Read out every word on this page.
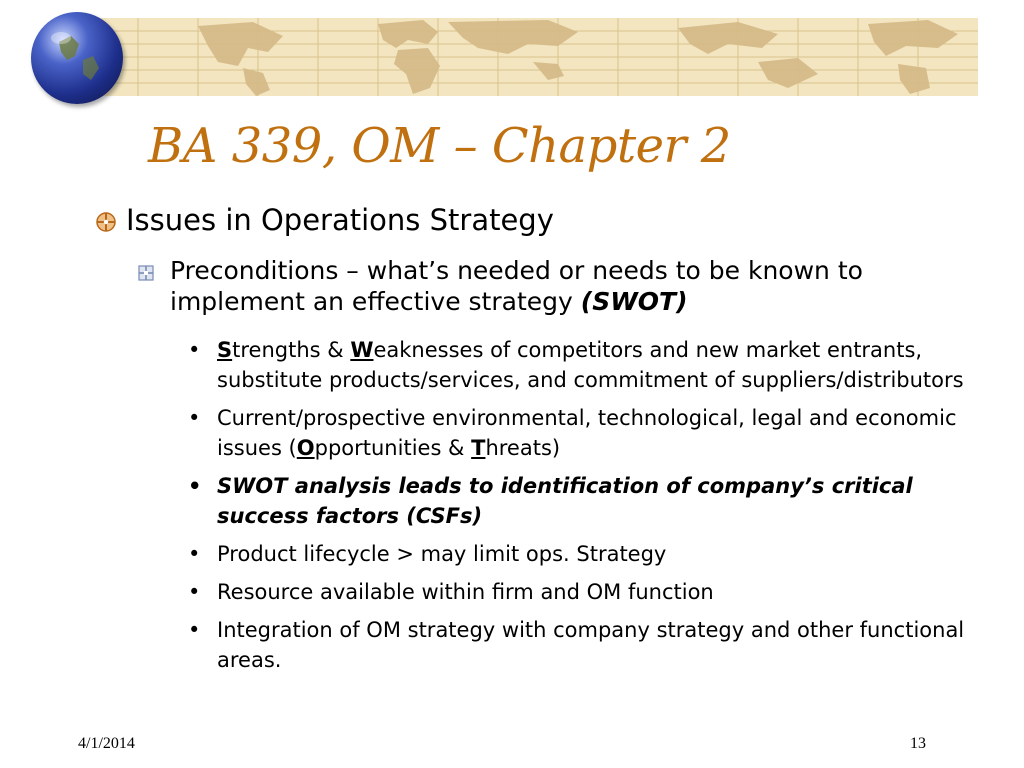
BA 339, OM – Chapter 2
Issues in Operations Strategy
Preconditions – what’s needed or needs to be known to implement an effective strategy (SWOT)
• Strengths & Weaknesses of competitors and new market entrants, substitute products/services, and commitment of suppliers/distributors
• Current/prospective environmental, technological, legal and economic issues (Opportunities & Threats)
• SWOT analysis leads to identification of company’s critical success factors (CSFs)
• Product lifecycle > may limit ops. Strategy
• Resource available within firm and OM function
• Integration of OM strategy with company strategy and other functional areas.
4/1/2014	13
